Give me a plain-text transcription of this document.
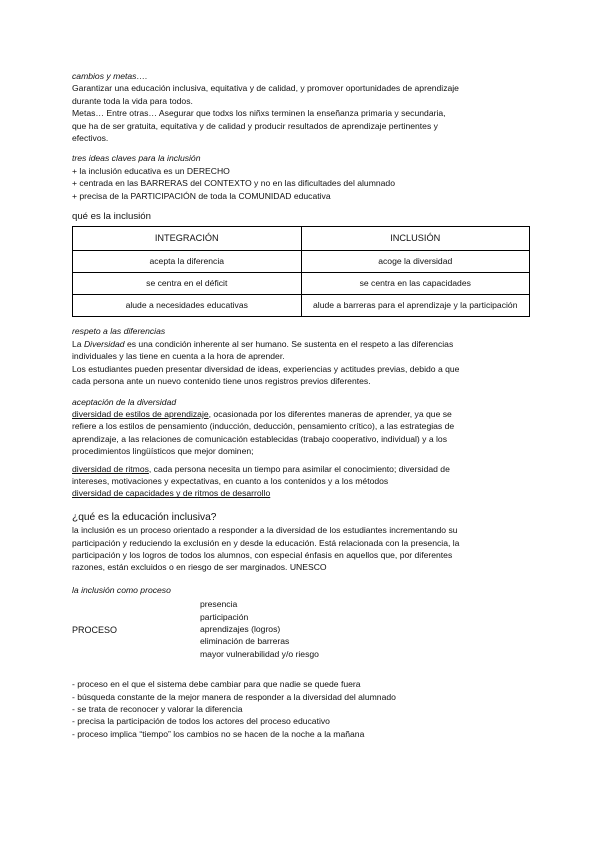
cambios y metas….

Garantizar una educación inclusiva, equitativa y de calidad, y promover oportunidades de aprendizaje

durante toda la vida para todos.

Metas… Entre otras… Asegurar que todxs los niñxs terminen la enseñanza primaria y secundaria,

que ha de ser gratuita, equitativa y de calidad y producir resultados de aprendizaje pertinentes y

efectivos.

tres ideas claves para la inclusión

+ la inclusión educativa es un DERECHO

+ centrada en las BARRERAS del CONTEXTO y no en las dificultades del alumnado

+ precisa de la PARTICIPACIÓN de toda la COMUNIDAD educativa

qué es la inclusión

INTEGRACIÓN	INCLUSIÓN
acepta la diferencia	acoge la diversidad
se centra en el déficit	se centra en las capacidades
alude a necesidades educativas	alude a barreras para el aprendizaje y la participación

respeto a las diferencias

La Diversidad es una condición inherente al ser humano. Se sustenta en el respeto a las diferencias

individuales y las tiene en cuenta a la hora de aprender.

Los estudiantes pueden presentar diversidad de ideas, experiencias y actitudes previas, debido a que

cada persona ante un nuevo contenido tiene unos registros previos diferentes.

aceptación de la diversidad

diversidad de estilos de aprendizaje, ocasionada por los diferentes maneras de aprender, ya que se

refiere a los estilos de pensamiento (inducción, deducción, pensamiento crítico), a las estrategias de

aprendizaje, a las relaciones de comunicación establecidas (trabajo cooperativo, individual) y a los

procedimientos lingüísticos que mejor dominen;

diversidad de ritmos, cada persona necesita un tiempo para asimilar el conocimiento; diversidad de

intereses, motivaciones y expectativas, en cuanto a los contenidos y a los métodos

diversidad de capacidades y de ritmos de desarrollo

¿qué es la educación inclusiva?

la inclusión es un proceso orientado a responder a la diversidad de los estudiantes incrementando su

participación y reduciendo la exclusión en y desde la educación. Está relacionada con la presencia, la

participación y los logros de todos los alumnos, con especial énfasis en aquellos que, por diferentes

razones, están excluidos o en riesgo de ser marginados. UNESCO

la inclusión como proceso

PROCESO
presencia
participación
aprendizajes (logros)
eliminación de barreras
mayor vulnerabilidad y/o riesgo
- proceso en el que el sistema debe cambiar para que nadie se quede fuera
- búsqueda constante de la mejor manera de responder a la diversidad del alumnado
- se trata de reconocer y valorar la diferencia
- precisa la participación de todos los actores del proceso educativo
- proceso implica “tiempo” los cambios no se hacen de la noche a la mañana
